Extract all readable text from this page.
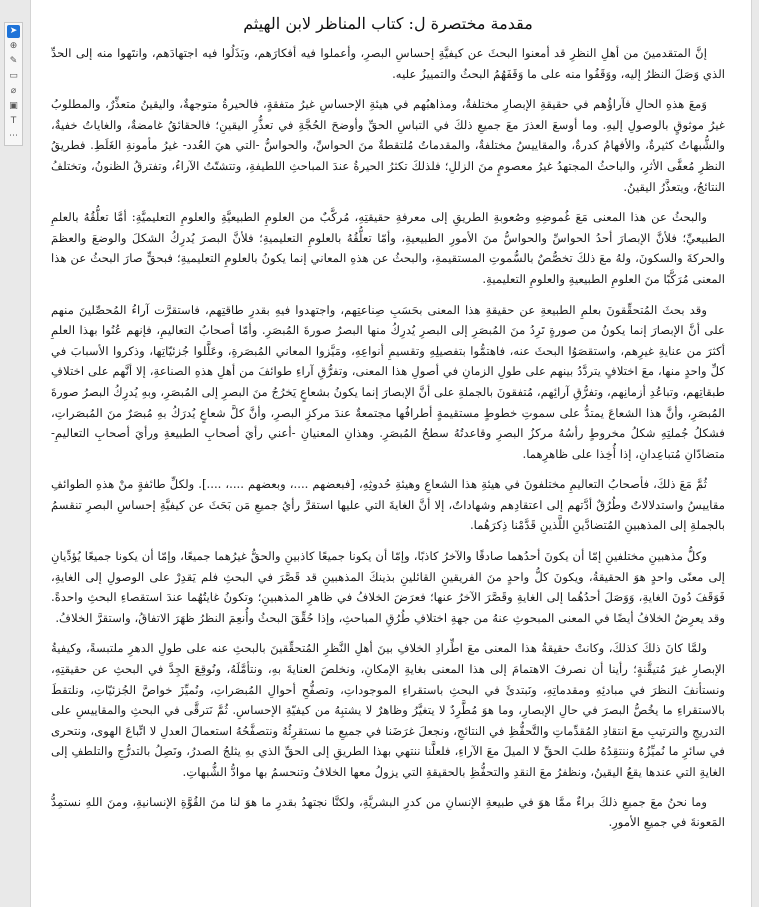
➤
⊕
✎
▭
⌀
▣
T
⋯
مقدمة مختصرة ل: كتاب المناظر لابن الهيثم

إنَّ المتقدمينَ من أهلِ النظرِ قد أمعنوا البحثَ عن كيفيَّةِ إحساسِ البصرِ، وأعملوا فيه أفكارَهم، وبَذَلُوا فيه اجتهادَهم، وانتَهوا منه إلى الحدِّ الذي وَصَلَ النظرُ إليه، ووَقَفُوا منه على ما وَقَفَهُمُ البحثُ والتمييزُ عليه.

وَمعَ هذهِ الحالِ فآراؤُهم في حقيقةِ الإبصارِ مختلفةٌ، ومذاهبُهم في هيئةِ الإحساسِ غيرُ متفقةٍ، فالحيرةُ متوجهةٌ، واليقينُ متعذِّرٌ، والمطلوبُ غيرُ موثوقٍ بالوصولِ إليهِ. وما أوسعَ العذرَ معَ جميعِ ذلكَ في التباسِ الحقِّ وأوضحَ الحُجَّةِ في تعذُّرِ اليقينِ؛ فالحقائقُ غامضةٌ، والغاياتُ خفيةٌ، والشُّبهاتُ كثيرةٌ، والأفهامُ كدرةٌ، والمقاييسُ مختلفةٌ، والمقدماتُ مُلتقطةٌ منَ الحواسِّ، والحواسُّ -التي هيَ العُدد- غيرُ مأمونةِ الغَلَطِ. فطريقُ النظرِ مُعفَّى الأثرِ، والباحثُ المجتهدُ غيرُ معصومٍ منَ الزللِ؛ فلذلكَ تكثرُ الحيرةُ عندَ المباحثِ اللطيفةِ، وتتشتّتُ الآراءُ، وتفترقُ الظنونُ، وتختلفُ النتائجُ، ويتعذَّرُ اليقينُ.

والبحثُ عن هذا المعنى مَعَ غُموضِهِ وصُعوبةِ الطريقِ إلى معرفةِ حقيقتِهِ، مُركَّبٌ من العلومِ الطبيعيَّةِ والعلومِ التعليميَّةِ: أمَّا تعلُّقُهُ بالعلمِ الطبيعيِّ؛ فلأنَّ الإبصارَ أحدُ الحواسِّ والحواسُّ منَ الأمورِ الطبيعيةِ، وأمّا تعلُّقُهُ بالعلومِ التعليميةِ؛ فلأنَّ البصرَ يُدرِكُ الشكلَ والوضعَ والعظمَ والحركةَ والسكونَ، ولهُ معَ ذلكَ تخصُّصٌ بالسُّموتِ المستقيمةِ، والبحثُ عن هذهِ المعاني إنما يكونُ بالعلومِ التعليميةِ؛ فبحقٍّ صارَ البحثُ عن هذا المعنى مُرَكَّبًا منَ العلومِ الطبيعيةِ والعلومِ التعليميةِ.

وقد بحثَ المُتحقِّقونَ بعلمِ الطبيعةِ عن حقيقةِ هذا المعنى بحَسَبِ صِناعتِهم، واجتهدوا فيهِ بقدرِ طاقتِهم، فاستقرَّت آراءُ المُحصِّلينَ منهم على أنَّ الإبصارَ إنما يكونُ من صورةٍ تَرِدُ منَ المُبصَرِ إلى البصرِ يُدرِكُ منها البصرُ صورةَ المُبصَرِ. وأمّا أصحابُ التعاليمِ، فإنهم عُنُوا بهذا العلمِ أكثرَ من عنايةِ غيرِهم، واستقصَوُا البحثَ عنه، فاهتمُّوا بتفصيلِهِ وتقسيمِ أنواعِهِ، ومَيَّزوا المعاني المُبصَرةِ، وعَلَّلوا جُزئيّاتِها، وذكروا الأسبابَ في كلِّ واحدٍ منها، معَ اختلافٍ يتردَّدُ بينهم على طولِ الزمانِ في أصولِ هذا المعنى، وتفرُّقِ آراءِ طوائفَ من أهلِ هذهِ الصناعةِ، إلا أنَّهم على اختلافِ طبقاتِهم، وتباعُدِ أزمانِهم، وتفرُّقِ آرائِهم، مُتفقونَ بالجملةِ على أنَّ الإبصارَ إنما يكونُ بشعاعٍ يَخرُجُ منَ البصرِ إلى المُبصَرِ، وبهِ يُدرِكُ البصرُ صورةَ المُبصَرِ، وأنَّ هذا الشعاعَ يمتدُّ على سموتِ خطوطٍ مستقيمةٍ أطرافُها مجتمعةٌ عندَ مركزِ البصرِ، وأنَّ كلَّ شعاعٍ يُدرَكُ بهِ مُبصَرٌ منَ المُبصَراتِ، فشكلُ جُملتِهِ شكلُ مخروطٍ رأسُهُ مركزُ البصرِ وقاعدتُهُ سطحُ المُبصَرِ. وهذانِ المعنيانِ -أعني رأيَ أصحابِ الطبيعةِ ورأيَ أصحابِ التعاليمِ- متضادّانِ مُتباعِدانِ، إذا أُخِذا على ظاهرِهما.

ثُمَّ مَعَ ذلكَ، فأصحابُ التعاليمِ مختلفونَ في هيئةِ هذا الشعاعِ وهيئةِ حُدوثِهِ، [فبعضهم ....، وبعضهم ....، ....]. ولكلِّ طائفةٍ منْ هذهِ الطوائفِ مقاييسُ واستدلالاتٌ وطُرُقٌ أدَّتهم إلى اعتقادِهم وشهاداتٌ، إلا أنَّ الغايةَ التي عليها استقرَّ رأيُ جميعِ مَن بَحَثَ عن كيفيَّةِ إحساسِ البصرِ تنقسمُ بالجملةِ إلى المذهبينِ المُتضادَّينِ اللَّذينِ قَدَّمْنا ذِكرَهُما.

وكلُّ مذهبينِ مختلفينِ إمّا أن يكونَ أحدُهما صادقًا والآخرُ كاذبًا، وإمّا أن يكونا جميعًا كاذبينِ والحقُّ غيرُهما جميعًا، وإمّا أن يكونا جميعًا يُؤدِّيانِ إلى معنًى واحدٍ هوَ الحقيقةُ، ويكونَ كلُّ واحدٍ منَ الفريقينِ القائلينِ بذينكَ المذهبينِ قد قَصَّرَ في البحثِ فلم يَقدِرْ على الوصولِ إلى الغايةِ، فَوَقَفَ دُونَ الغايةِ، وَوَصَلَ أحدُهُما إلى الغايةِ وقَصَّرَ الآخرُ عنها؛ فعرَضَ الخلافُ في ظاهرِ المذهبينِ؛ وتكونُ غايتُهُما عندَ استقصاءِ البحثِ واحدةً. وقد يعرِضُ الخلافُ أيضًا في المعنى المبحوثِ عنهُ من جهةِ اختلافِ طُرُقِ المباحثِ، وإذا حُقِّقَ البحثُ وأُنعِمَ النظرُ ظهَرَ الاتفاقُ، واستقرَّ الخلافُ.

ولمَّا كانَ ذلكَ كذلكَ، وكانتْ حقيقةُ هذا المعنى معَ اطِّرادِ الخلافِ بينَ أهلِ النَّظرِ المُتحقِّقينَ بالبحثِ عنه على طولِ الدهرِ ملتبسةً، وكيفيةُ الإبصارِ غيرَ مُتيقَّنةٍ؛ رأينا أن نصرفَ الاهتمامَ إلى هذا المعنى بغايةِ الإمكانِ، ونخلصَ العنايةَ بهِ، ونتأمَّلَهُ، ونُوقِعَ الجِدَّ في البحثِ عن حقيقتِهِ، ونستأنفَ النظرَ في مبادئِهِ ومقدماتِهِ، ونَبتدئَ في البحثِ باستقراءِ الموجوداتِ، وتصفُّحِ أحوالِ المُبصَراتِ، ونُميِّزَ خواصَّ الجُزئيّاتِ، ونلتقطَ بالاستقراءِ ما يخُصُّ البصرَ في حالِ الإبصارِ، وما هوَ مُطَّرِدٌ لا يتغيَّرُ وظاهرٌ لا يشتبِهُ من كيفيّةِ الإحساسِ. ثُمَّ نَترقَّى في البحثِ والمقاييسِ على التدريجِ والترتيبِ معَ انتقادِ المُقدِّماتِ والتَّحفُّظِ في النتائجِ، ونجعلَ غرَضَنا في جميعِ ما نستقرِئُهُ ونتصفَّحُهُ استعمالَ العدلِ لا اتِّباعَ الهوى، ونتحرى في سائرِ ما نُميِّزُهُ وننتقِدُهُ طلبَ الحقِّ لا الميلَ معَ الآراءِ، فلعلَّنا ننتهي بهذا الطريقِ إلى الحقِّ الذي بهِ يثلجُ الصدرُ، ونَصِلُ بالتدرُّجِ والتلطفِ إلى الغايةِ التي عندها يقعُ اليقينُ، ونظفرُ معَ النقدِ والتحفُّظِ بالحقيقةِ التي يزولُ معها الخلافُ وتنحسمُ بها موادُّ الشُّبهاتِ.

وما نحنُ معَ جميعِ ذلكَ براءٌ ممَّا هوَ في طبيعةِ الإنسانِ من كدرِ البشريَّةِ، ولكنَّا نجتهدُ بقدرِ ما هوَ لنا منَ القُوَّةِ الإنسانيةِ، ومنَ اللهِ نستمِدُّ المَعونةَ في جميعِ الأمورِ.
